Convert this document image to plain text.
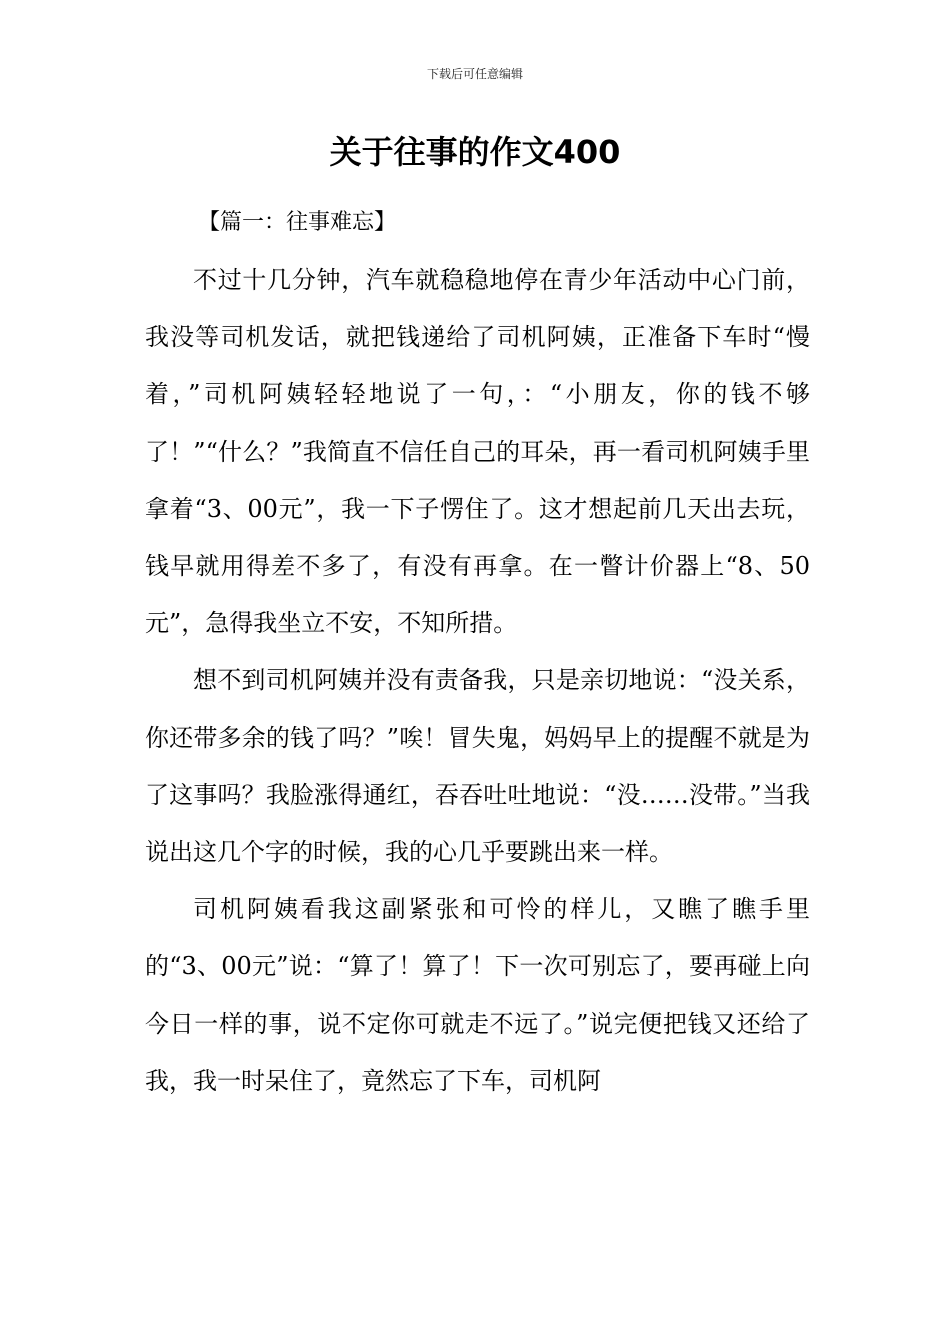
下载后可任意编辑
关于往事的作文400
【篇一：往事难忘】

不过十几分钟，汽车就稳稳地停在青少年活动中心门前，我没等司机发话，就把钱递给了司机阿姨，正准备下车时“慢着，”司机阿姨轻轻地说了一句，：“小朋友，你的钱不够了！”“什么？”我简直不信任自己的耳朵，再一看司机阿姨手里拿着“3、00元”，我一下子愣住了。这才想起前几天出去玩，钱早就用得差不多了，有没有再拿。在一瞥计价器上“8、50元”，急得我坐立不安，不知所措。

想不到司机阿姨并没有责备我，只是亲切地说：“没关系，你还带多余的钱了吗？”唉！冒失鬼，妈妈早上的提醒不就是为了这事吗？我脸涨得通红，吞吞吐吐地说：“没……没带。”当我说出这几个字的时候，我的心几乎要跳出来一样。

司机阿姨看我这副紧张和可怜的样儿，又瞧了瞧手里的“3、00元”说：“算了！算了！下一次可别忘了，要再碰上向今日一样的事，说不定你可就走不远了。”说完便把钱又还给了我，我一时呆住了，竟然忘了下车，司机阿
